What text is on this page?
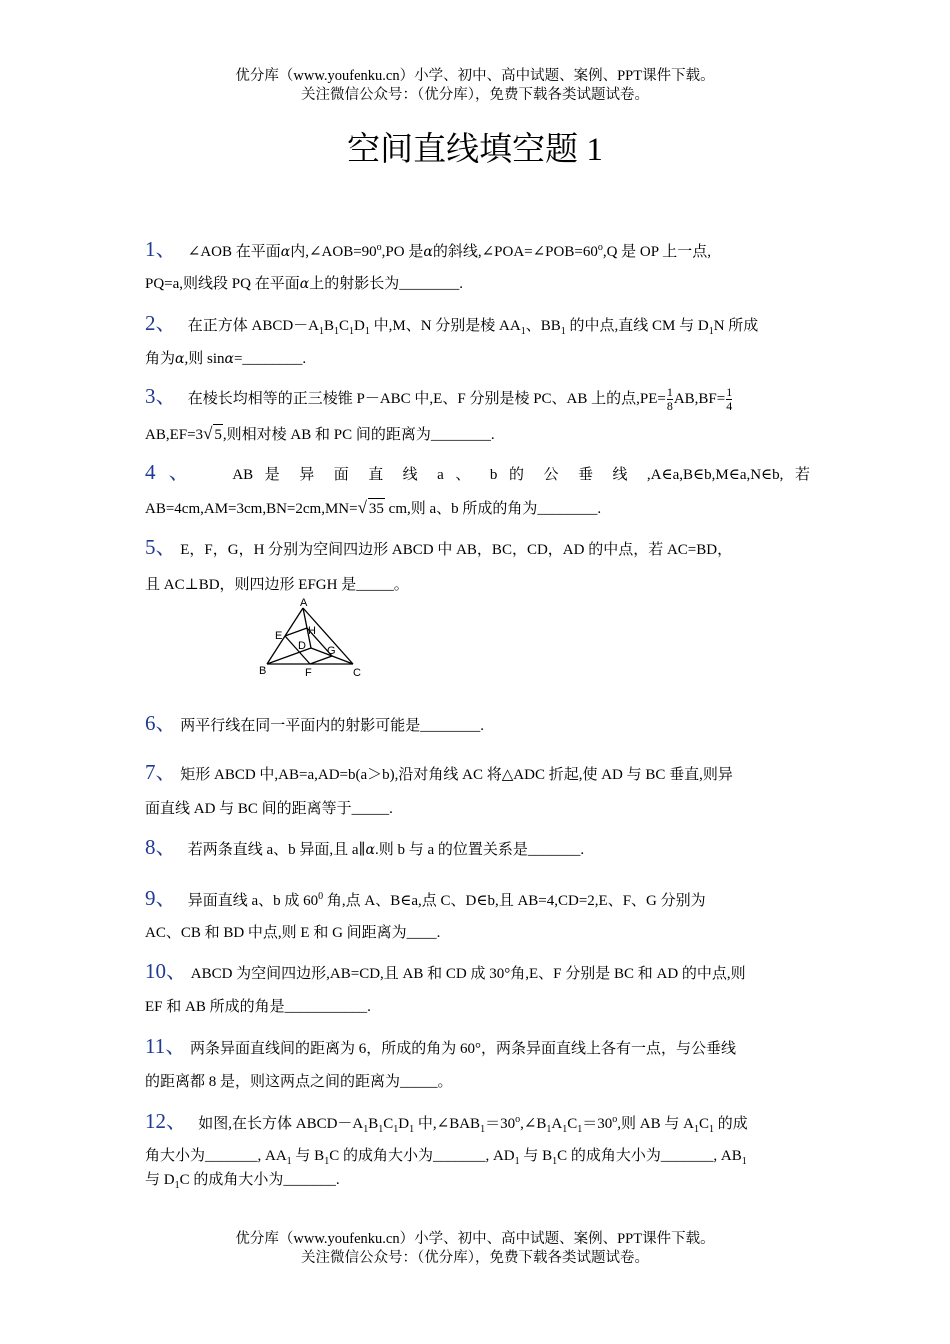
优分库（www.youfenku.cn）小学、初中、高中试题、案例、PPT课件下载。
关注微信公众号：（优分库），免费下载各类试题试卷。
空间直线填空题 1
1、   ∠AOB 在平面α内$,\angle AOB=90^o,PO$ 是α的斜线$,\angle POA=\angle POB=60^o,Q$ 是 OP 上一点,
PQ=a,则线段 PQ 在平面α上的射影长为________.
2、   在正方体 $ABCD-A_1B_1C_1D_1$ 中,M、N 分别是棱 $AA_1$、$BB_1$ 的中点,直线 CM 与 $D_1N$ 所成
角为α,则 sinα=________.
3、   在棱长均相等的正三棱锥 P－ABC 中,E、F 分别是棱 PC、AB 上的点$,PE= \frac{1}{8} AB,BF= \frac{1}{4}$
AB,EF=3√ 5,则相对棱 AB 和 PC 间的距离为________.
4 、   AB 是 异 面 直 线 a 、 b 的 公 垂 线 ,A∈a,B∈b,M∈a,N∈b, 若
AB=4cm,AM=3cm,BN=2cm,MN=√ 35 cm,则 a、b 所成的角为________.
5、 E，F，G，H 分别为空间四边形 ABCD 中 AB，BC，CD，AD 的中点，若 AC=BD，
且 AC⊥BD，则四边形 EFGH 是_____。
A
E H
D G
B	F	C
6、 两平行线在同一平面内的射影可能是________.
7、 矩形 ABCD 中,AB=a,AD=b(a＞b),沿对角线 AC 将△ADC 折起,使 AD 与 BC 垂直,则异
面直线 AD 与 BC 间的距离等于_____.
8、   若两条直线 a、b 异面,且 a∥α.则 b 与 a 的位置关系是_______.
9、   异面直线 a、b 成 $60^0$ 角,点 A、B∈a,点 C、D∈b,且 AB=4,CD=2,E、F、G 分别为
AC、CB 和 BD 中点,则 E 和 G 间距离为____.
10、 ABCD 为空间四边形,AB=CD,且 AB 和 CD 成 30°角,E、F 分别是 BC 和 AD 的中点,则
EF 和 AB 所成的角是___________.
11、 两条异面直线间的距离为 6，所成的角为 60°，两条异面直线上各有一点，与公垂线
的距离都 8 是，则这两点之间的距离为_____。
12、   如图,在长方体 $ABCD-A_1B_1C_1D_1$ 中$,\angle BAB_1=30^o,\angle B_1A_1C_1=30^o$,则 AB 与 $A_1C_1$ 的成
角大小为_______, $AA_1$ 与 $B_1C$ 的成角大小为_______, $AD_1$ 与 $B_1C$ 的成角大小为_______, $AB_1$
与 $D_1C$ 的成角大小为_______.
优分库（www.youfenku.cn）小学、初中、高中试题、案例、PPT课件下载。
关注微信公众号：（优分库），免费下载各类试题试卷。
